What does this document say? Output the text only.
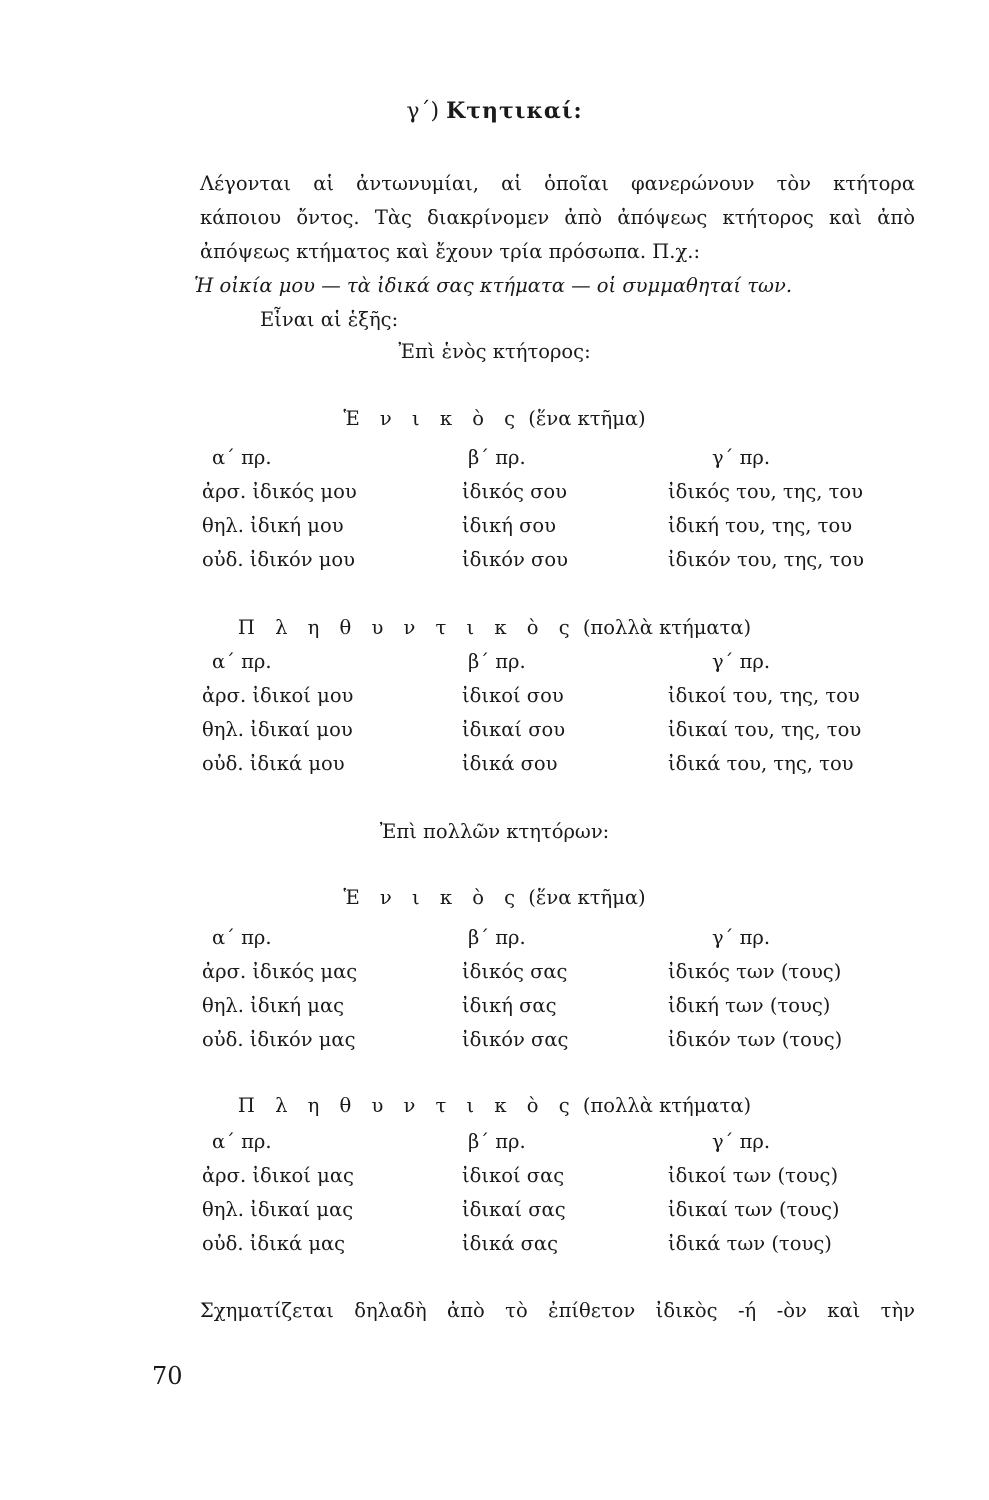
γ΄) Κτητικαί:
Λέγονται αἱ ἀντωνυμίαι, αἱ ὁποῖαι φανερώνουν τὸν κτήτορα
κάποιου ὄντος. Τὰς διακρίνομεν ἀπὸ ἀπόψεως κτήτορος καὶ ἀπὸ
ἀπόψεως κτήματος καὶ ἔχουν τρία πρόσωπα. Π.χ.:
Ἡ οἰκία μου — τὰ ἰδικά σας κτήματα — οἱ συμμαθηταί των.
Εἶναι αἱ ἑξῆς:
Ἐπὶ ἑνὸς κτήτορος:
Ἑ ν ι κ ὸ ς (ἕνα κτῆμα)
α΄ πρ.	β΄ πρ.	γ΄ πρ.
ἀρσ. ἰδικός μου	ἰδικός σου	ἰδικός του, της, του
θηλ. ἰδική μου	ἰδική σου	ἰδική του, της, του
οὐδ. ἰδικόν μου	ἰδικόν σου	ἰδικόν του, της, του
Π λ η θ υ ν τ ι κ ὸ ς (πολλὰ κτήματα)
α΄ πρ.	β΄ πρ.	γ΄ πρ.
ἀρσ. ἰδικοί μου	ἰδικοί σου	ἰδικοί του, της, του
θηλ. ἰδικαί μου	ἰδικαί σου	ἰδικαί του, της, του
οὐδ. ἰδικά μου	ἰδικά σου	ἰδικά του, της, του
Ἐπὶ πολλῶν κτητόρων:
Ἑ ν ι κ ὸ ς (ἕνα κτῆμα)
α΄ πρ.	β΄ πρ.	γ΄ πρ.
ἀρσ. ἰδικός μας	ἰδικός σας	ἰδικός των (τους)
θηλ. ἰδική μας	ἰδική σας	ἰδική των (τους)
οὐδ. ἰδικόν μας	ἰδικόν σας	ἰδικόν των (τους)
Π λ η θ υ ν τ ι κ ὸ ς (πολλὰ κτήματα)
α΄ πρ.	β΄ πρ.	γ΄ πρ.
ἀρσ. ἰδικοί μας	ἰδικοί σας	ἰδικοί των (τους)
θηλ. ἰδικαί μας	ἰδικαί σας	ἰδικαί των (τους)
οὐδ. ἰδικά μας	ἰδικά σας	ἰδικά των (τους)
Σχηματίζεται δηλαδὴ ἀπὸ τὸ ἐπίθετον ἰδικὸς -ή -ὸν καὶ τὴν
70
